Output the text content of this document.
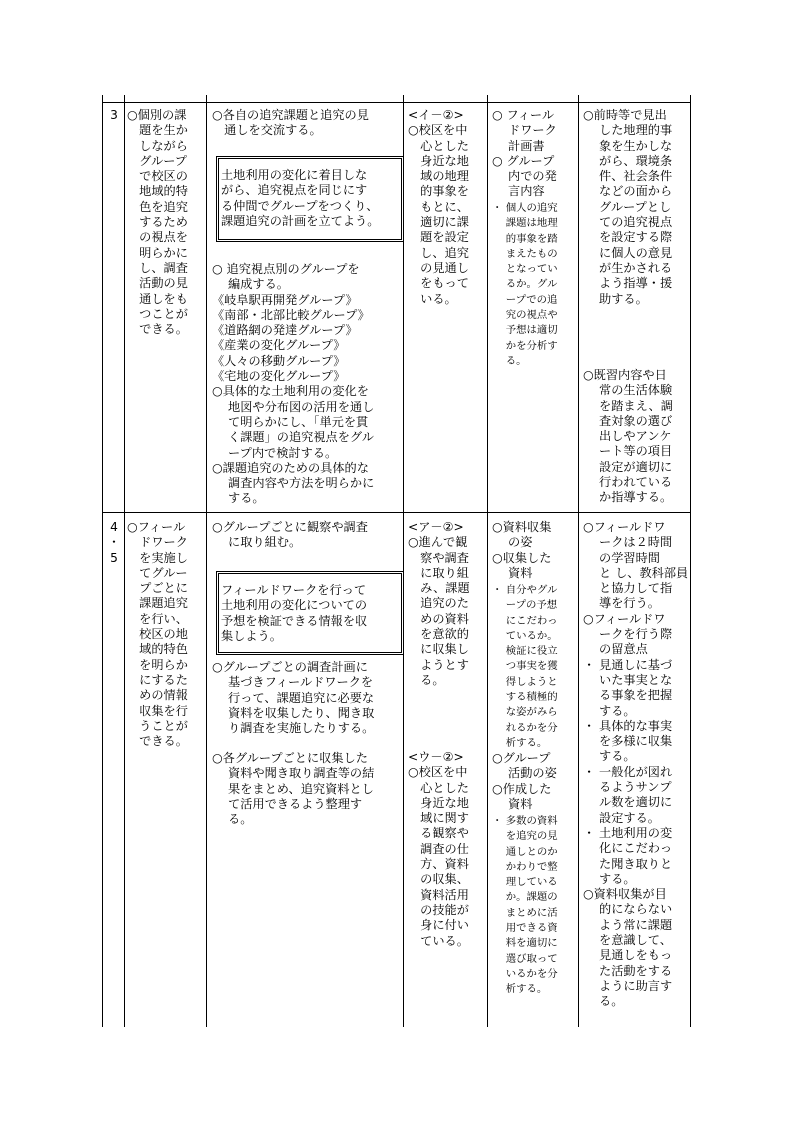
3 ○個別の課
　題を生か
　しながら
　グループ
　で校区の
　地域的特
　色を追究
　するため
　の視点を
　明らかに
　し、調査
　活動の見
　通しをも
　つことが
　できる。
○各自の追究課題と追究の見
　通しを交流する。
土地利用の変化に着目しな
がら、追究視点を同じにす
る仲間でグループをつくり、
課題追究の計画を立てよう。
○ 追究視点別のグループを
　 編成する。
《岐阜駅再開発グループ》
《南部・北部比較グループ》
《道路網の発達グループ》
《産業の変化グループ》
《人々の移動グループ》
《宅地の変化グループ》
○具体的な土地利用の変化を
　 地図や分布図の活用を通し
　 て明らかにし、「単元を貫
　 く課題」の追究視点をグル
　 ープ内で検討する。
○課題追究のための具体的な
　 調査内容や方法を明らかに
　 する。
<イ－②>
○校区を中
　心とした
　身近な地
　域の地理
　的事象を
　もとに、
　適切に課
　題を設定
　し、追究
　の見通し
　をもって
　いる。
○ フィール
　 ドワーク
　 計画書
○ グループ
　 内での発
　 言内容
・ 個人の追究
　 課題は地理
　 的事象を踏
　 まえたもの
　 となってい
　 るか。グル
　 ープでの追
　 究の視点や
　 予想は適切
　 かを分析す
　 る。
○前時等で見出
　 した地理的事
　 象を生かしな
　 がら、環境条
　 件、社会条件
　 などの面から
　 グループとし
　 ての追究視点
　 を設定する際
　 に個人の意見
　 が生かされる
　 よう指導・援
　 助する。
○既習内容や日
　 常の生活体験
　 を踏まえ、調
　 査対象の選び
　 出しやアンケ
　 ート等の項目
　 設定が適切に
　 行われている
　 か指導する。
4
・
5
○フィール
　ドワーク
　を実施し
　てグルー
　プごとに
　課題追究
　を行い、
　校区の地
　域的特色
　を明らか
　にするた
　めの情報
　収集を行
　うことが
　できる。
○グループごとに観察や調査
　 に取り組む。
フィールドワークを行って
土地利用の変化についての
予想を検証できる情報を収
集しよう。
○グループごとの調査計画に
　 基づきフィールドワークを
　 行って、課題追究に必要な
　 資料を収集したり、聞き取
　 り調査を実施したりする。
○各グループごとに収集した
　 資料や聞き取り調査等の結
　 果をまとめ、追究資料とし
　 て活用できるよう整理す
　 る。
<ア－②>
○進んで観
　察や調査
　に取り組
　み、課題
　追究のた
　めの資料
　を意欲的
　に収集し
　ようとす
　る。
<ウ－②>
○校区を中
　心とした
　身近な地
　域に関す
　る観察や
　調査の仕
　方、資料
　の収集、
　資料活用
　の技能が
　身に付い
　ている。
○資料収集
　 の姿
○収集した
　 資料
・ 自分やグル
　 ープの予想
　 にこだわっ
　 ているか。
　 検証に役立
　 つ事実を獲
　 得しようと
　 する積極的
　 な姿がみら
　 れるかを分
　 析する。
○グループ
　 活動の姿
○作成した
　 資料
・ 多数の資料
　 を追究の見
　 通しとのか
　 かわりで整
　 理している
　 か。課題の
　 まとめに活
　 用できる資
　 料を適切に
　 選び取って
　 いるかを分
　 析する。
○フィールドワ
　 ークは２時間
　 の学習時間
　 と し、教科部員
　 と協力して指
　 導を行う。
○フィールドワ
　 ークを行う際
　 の留意点
・ 見通しに基づ
　 いた事実とな
　 る事象を把握
　 する。
・ 具体的な事実
　 を多様に収集
　 する。
・ 一般化が図れ
　 るようサンプ
　 ル数を適切に
　 設定する。
・ 土地利用の変
　 化にこだわっ
　 た聞き取りと
　 する。
○資料収集が目
　 的にならない
　 よう常に課題
　 を意識して、
　 見通しをもっ
　 た活動をする
　 ように助言す
　 る。
